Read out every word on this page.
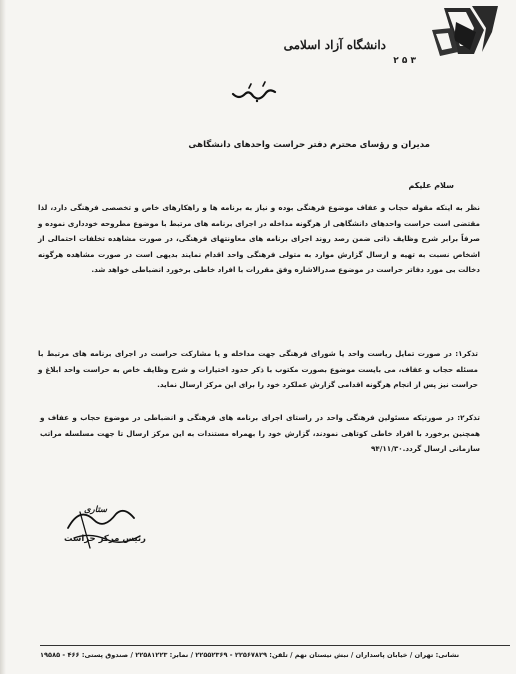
دانشگاه آزاد اسلامی
۳ ۵ ۲
مدیران و رؤسای محترم دفتر حراست واحدهای دانشگاهی
سلام علیکم
نظر به اینکه مقوله حجاب و عفاف موضوع فرهنگی بوده و نیاز به برنامه ها و راهکارهای خاص و تخصصی فرهنگی دارد، لذا مقتضی است حراست واحدهای دانشگاهی از هرگونه مداخله در اجرای برنامه های مرتبط با موضوع مطروحه خودداری نموده و صرفاً برابر شرح وظایف ذاتی ضمن رصد روند اجرای برنامه های معاونتهای فرهنگی، در صورت مشاهده تخلفات احتمالی از اشخاص نسبت به تهیه و ارسال گزارش موارد به متولی فرهنگی واحد اقدام نمایند بدیهی است در صورت مشاهده هرگونه دخالت بی مورد دفاتر حراست در موضوع صدرالاشاره وفق مقررات با افراد خاطی برخورد انضباطی خواهد شد.
تذکر۱: در صورت تمایل ریاست واحد یا شورای فرهنگی جهت مداخله و یا مشارکت حراست در اجرای برنامه های مرتبط با مسئله حجاب و عفاف، می بایست موضوع بصورت مکتوب با ذکر حدود اختیارات و شرح وظایف خاص به حراست واحد ابلاغ و حراست نیز پس از انجام هرگونه اقدامی گزارش عملکرد خود را برای این مرکز ارسال نماید.
تذکر۲: در صورتیکه مسئولین فرهنگی واحد در راستای اجرای برنامه های فرهنگی و انضباطی در موضوع حجاب و عفاف و همچنین برخورد با افراد خاطی کوتاهی نمودند، گزارش خود را بهمراه مستندات به این مرکز ارسال تا جهت مسلسله مراتب سازمانی ارسال گردد.۹۴/۱۱/۳۰
ستاری
رئیس مرکز حراست
نشانی: تهران / خیابان پاسداران / نبش نیستان نهم / تلفن: ۲۲۵۶۷۸۲۹ - ۲۲۵۵۲۳۶۹ / نمابر: ۲۲۵۸۱۲۲۳ / صندوق پستی: ۴۶۶ - ۱۹۵۸۵
